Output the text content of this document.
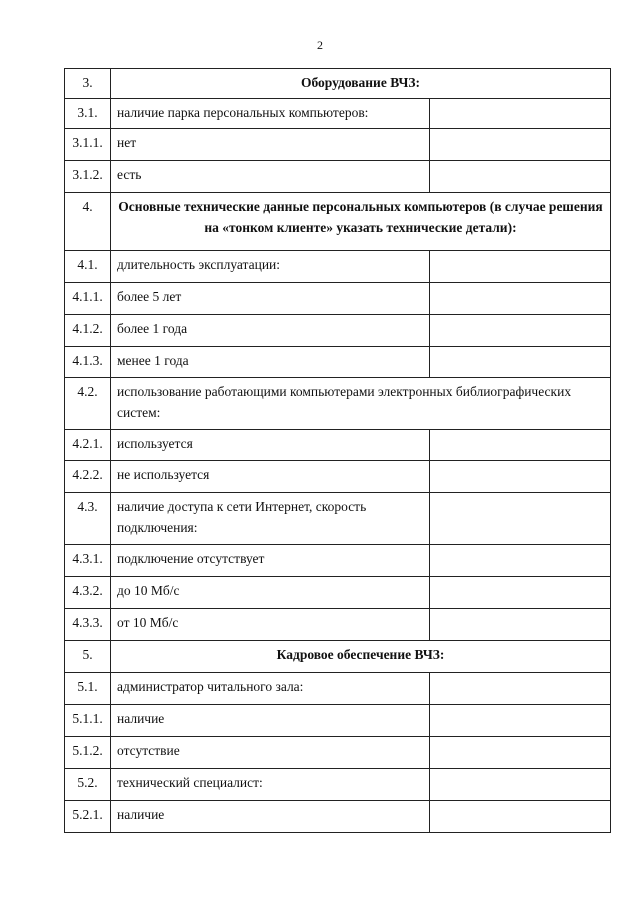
2
3.	Оборудование ВЧЗ:	
3.1.	наличие парка персональных компьютеров:	
3.1.1.	нет	
3.1.2.	есть	
4.	Основные технические данные персональных компьютеров (в случае решения на «тонком клиенте» указать технические детали):	
4.1.	длительность эксплуатации:	
4.1.1.	более 5 лет	
4.1.2.	более 1 года	
4.1.3.	менее 1 года	
4.2.	использование работающими компьютерами электронных библиографических систем:	
4.2.1.	используется	
4.2.2.	не используется	
4.3.	наличие доступа к сети Интернет, скорость подключения:	
4.3.1.	подключение отсутствует	
4.3.2.	до 10 Мб/с	
4.3.3.	от 10 Мб/с	
5.	Кадровое обеспечение ВЧЗ:	
5.1.	администратор читального зала:	
5.1.1.	наличие	
5.1.2.	отсутствие	
5.2.	технический специалист:	
5.2.1.	наличие	
